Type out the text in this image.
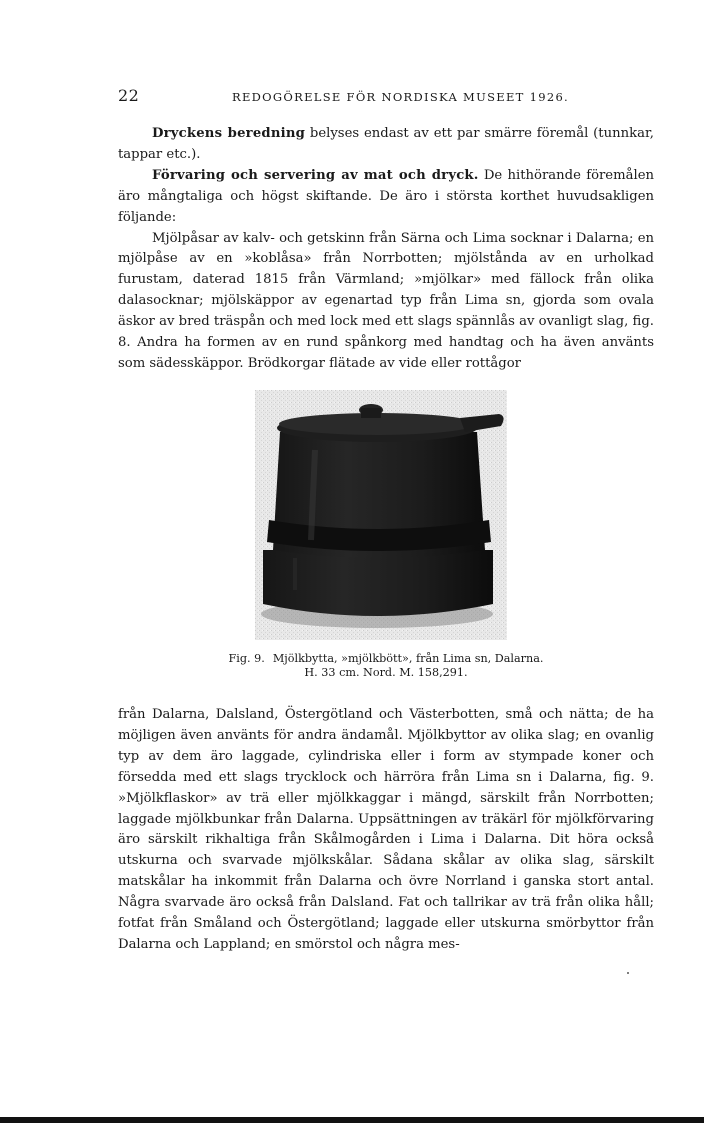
22	REDOGÖRELSE FÖR NORDISKA MUSEET 1926.

Dryckens beredning belyses endast av ett par smärre föremål (tunnkar, tappar etc.).

Förvaring och servering av mat och dryck. De hithörande föremålen äro mångtaliga och högst skiftande. De äro i största korthet huvudsakligen följande:

Mjölpåsar av kalv- och getskinn från Särna och Lima socknar i Dalarna; en mjölpåse av en »koblåsa» från Norrbotten; mjölstånda av en urholkad furustam, daterad 1815 från Värmland; »mjölkar» med fällock från olika dalasocknar; mjölskäppor av egenartad typ från Lima sn, gjorda som ovala äskor av bred träspån och med lock med ett slags spännlås av ovanligt slag, fig. 8. Andra ha formen av en rund spånkorg med handtag och ha även använts som sädesskäppor. Brödkorgar flätade av vide eller rottågor

Fig. 9. Mjölkbytta, »mjölkbött», från Lima sn, Dalarna.
H. 33 cm. Nord. M. 158,291.

från Dalarna, Dalsland, Östergötland och Västerbotten, små och nätta; de ha möjligen även använts för andra ändamål. Mjölkbyttor av olika slag; en ovanlig typ av dem äro laggade, cylindriska eller i form av stympade koner och försedda med ett slags trycklock och härröra från Lima sn i Dalarna, fig. 9. »Mjölkflaskor» av trä eller mjölkkaggar i mängd, särskilt från Norrbotten; laggade mjölkbunkar från Dalarna. Uppsättningen av träkärl för mjölkförvaring äro särskilt rikhaltiga från Skålmogården i Lima i Dalarna. Dit höra också utskurna och svarvade mjölkskålar. Sådana skålar av olika slag, särskilt matskålar ha inkommit från Dalarna och övre Norrland i ganska stort antal. Några svarvade äro också från Dalsland. Fat och tallrikar av trä från olika håll; fotfat från Småland och Östergötland; laggade eller utskurna smörbyttor från Dalarna och Lappland; en smörstol och några mes-
